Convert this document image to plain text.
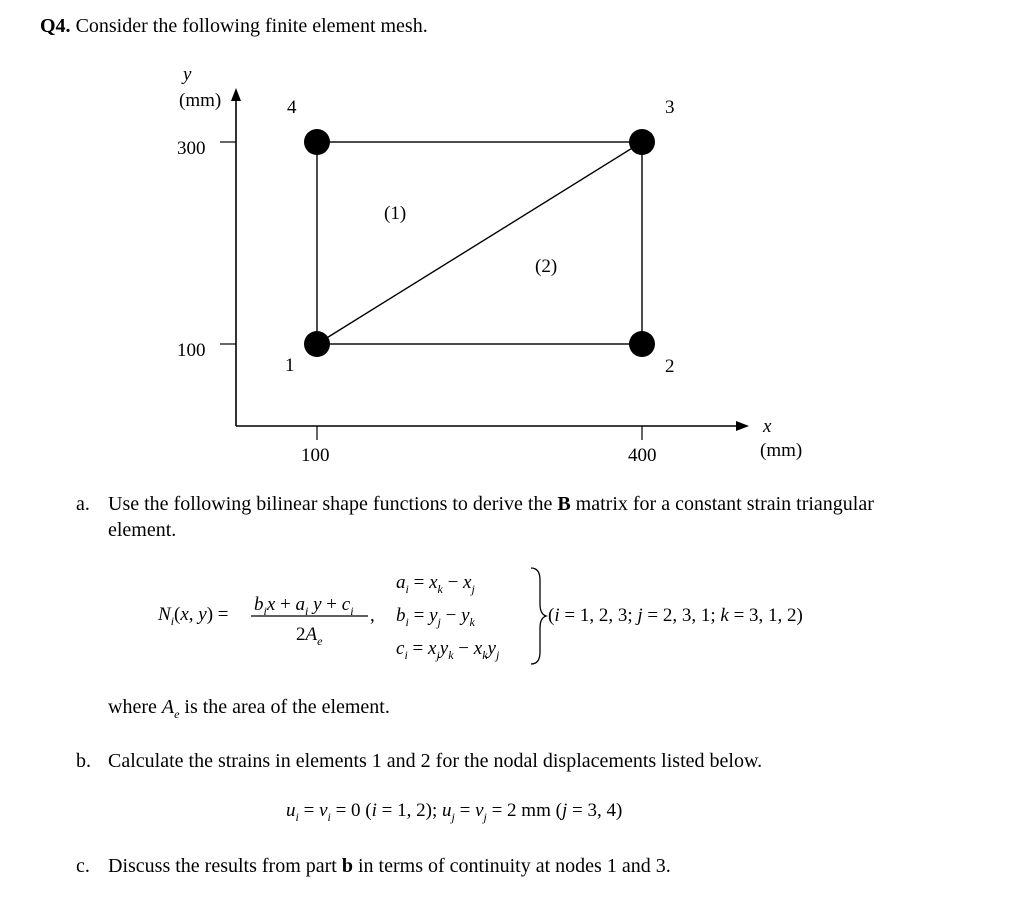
Q4. Consider the following finite element mesh.
y
(mm)
300
100
100	400
x
(mm)
1	2
3
4
(1)
(2)
a. Use the following bilinear shape functions to derive the B matrix for a constant strain triangular
element.
$N_i(x$, $y) = b_ix + a_i$ $y + c_i$ ,
$2A_e$
$a_i = x_k - x_j$
$b_i = y_j - y_k$
$c_i = x_jy_k - x_ky_j$
(i = 1, 2, 3; j = 2, 3, 1; k = 3, 1, 2)
where $A_e$ is the area of the element.
b. Calculate the strains in elements 1 and 2 for the nodal displacements listed below.
$u_i = v_i = 0$ (i = 1, 2); $u_j = v_j = 2$ mm (j = 3, 4)
c. Discuss the results from part b in terms of continuity at nodes 1 and 3.
